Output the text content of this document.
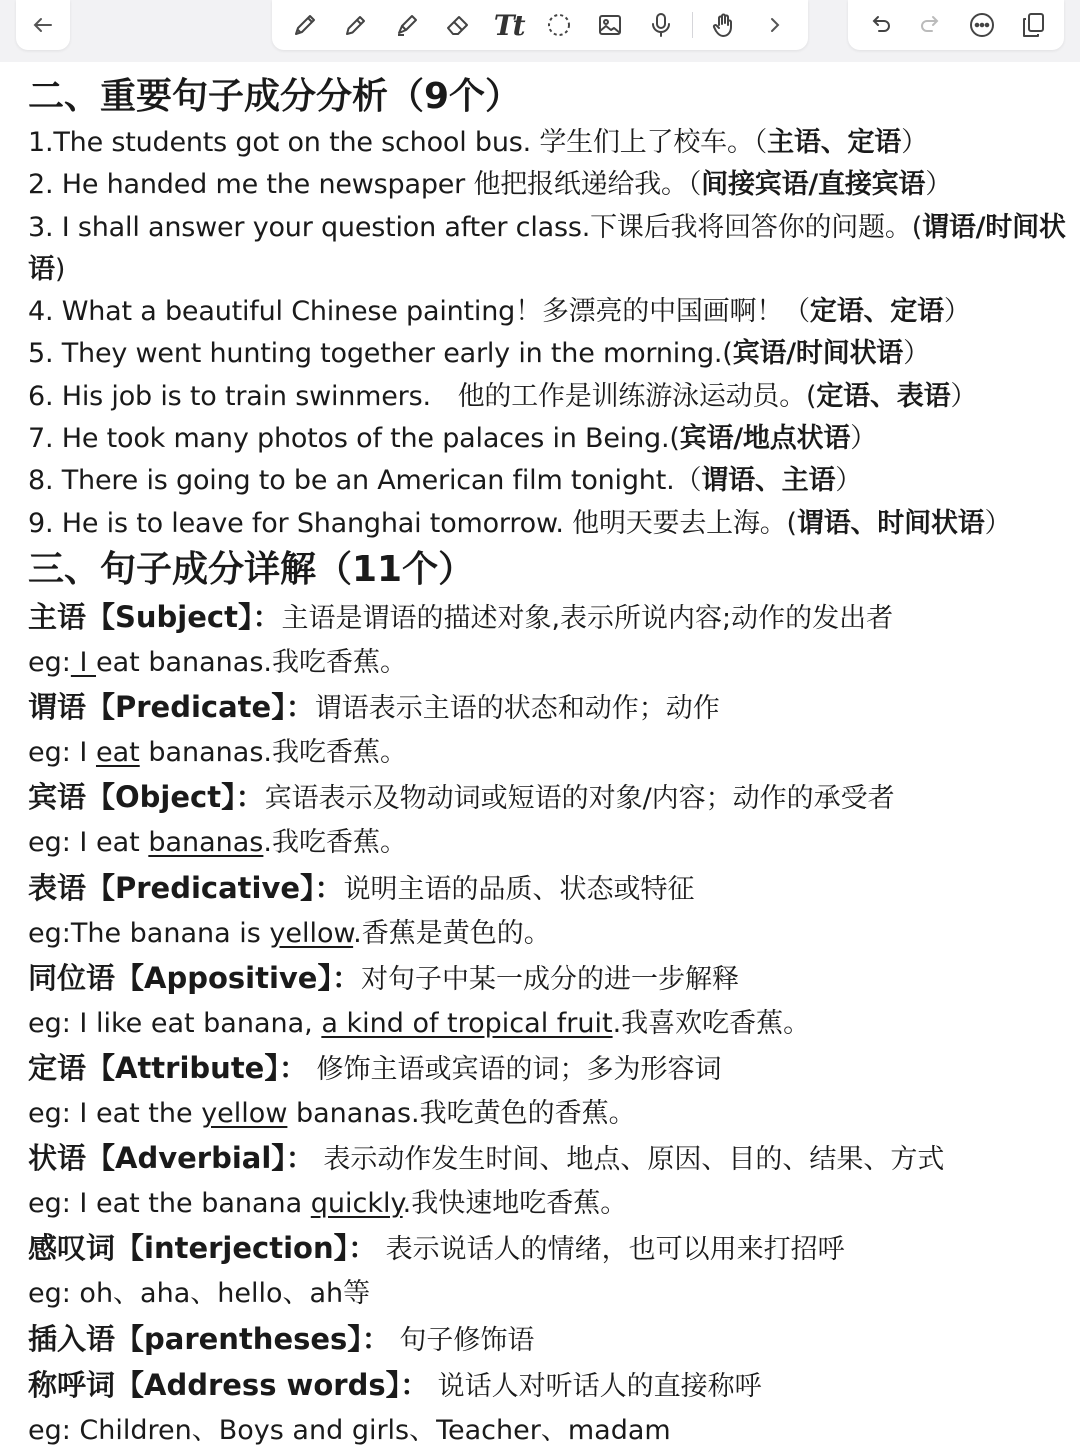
Tt
二、重要句子成分分析（9个）
1.The students got on the school bus. 学生们上了校车。（主语、定语）
2. He handed me the newspaper 他把报纸递给我。（间接宾语/直接宾语）
3. I shall answer your question after class.下课后我将回答你的问题。(谓语/时间状语)
4. What a beautiful Chinese painting！多漂亮的中国画啊！（定语、定语）
5. They went hunting together early in the morning.(宾语/时间状语）
6. His job is to train swinmers.　他的工作是训练游泳运动员。(定语、表语）
7. He took many photos of the palaces in Being.(宾语/地点状语）
8. There is going to be an American film tonight.（谓语、主语）
9. He is to leave for Shanghai tomorrow. 他明天要去上海。(谓语、时间状语）
三、句子成分详解（11个）
主语【Subject】：主语是谓语的描述对象,表示所说内容;动作的发出者
eg: I eat bananas.我吃香蕉。
谓语【Predicate】：谓语表示主语的状态和动作；动作
eg: I eat bananas.我吃香蕉。
宾语【Object】：宾语表示及物动词或短语的对象/内容；动作的承受者
eg: I eat bananas.我吃香蕉。
表语【Predicative】：说明主语的品质、状态或特征
eg:The banana is yellow.香蕉是黄色的。
同位语【Appositive】：对句子中某一成分的进一步解释
eg: I like eat banana, a kind of tropical fruit.我喜欢吃香蕉。
定语【Attribute】： 修饰主语或宾语的词；多为形容词
eg: I eat the yellow bananas.我吃黄色的香蕉。
状语【Adverbial】： 表示动作发生时间、地点、原因、目的、结果、方式
eg: I eat the banana quickly.我快速地吃香蕉。
感叹词【interjection】： 表示说话人的情绪，也可以用来打招呼
eg: oh、aha、hello、ah等
插入语【parentheses】： 句子修饰语
称呼词【Address words】： 说话人对听话人的直接称呼
eg: Children、Boys and girls、Teacher、madam
